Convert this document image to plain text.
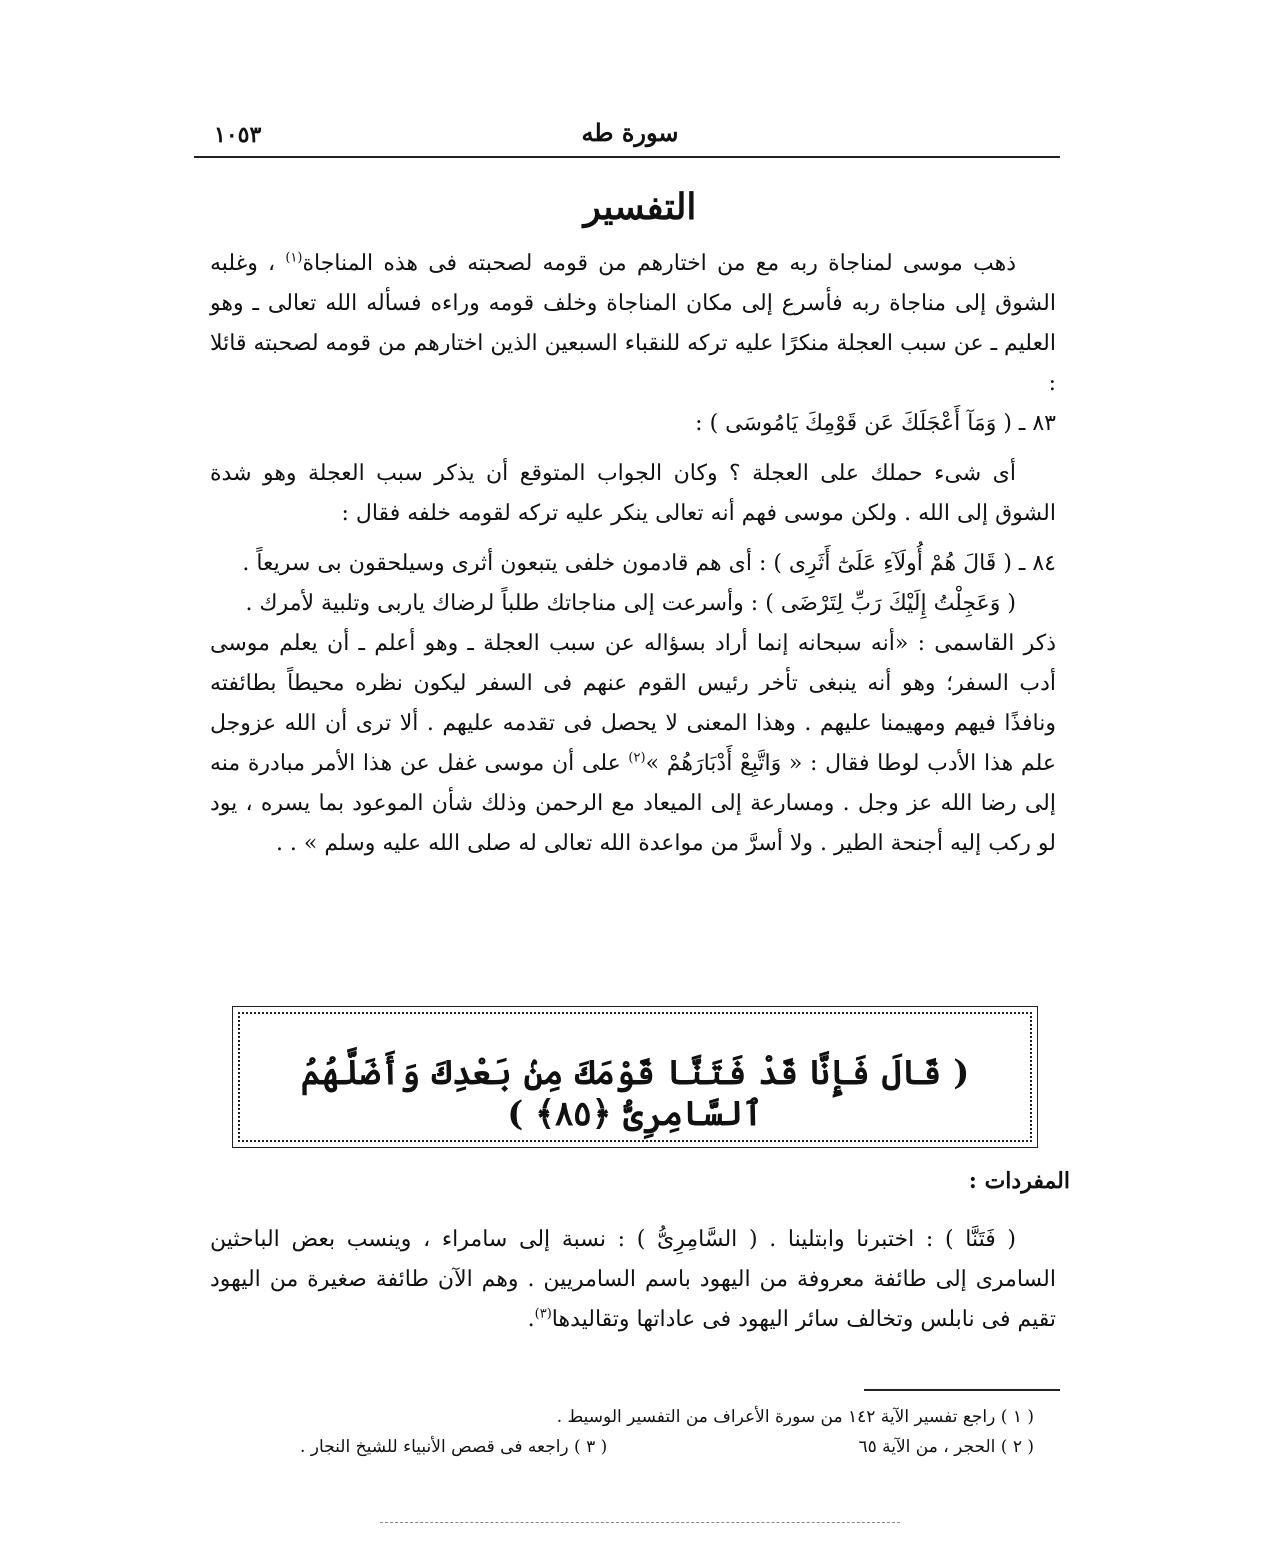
١٠٥٣	سورة طه
التفسير

ذهب موسى لمناجاة ربه مع من اختارهم من قومه لصحبته فى هذه المناجاة$^{(١)}$ ، وغلبه الشوق إلى مناجاة ربه فأسرع إلى مكان المناجاة وخلف قومه وراءه فسأله الله تعالى ـ وهو العليم ـ عن سبب العجلة منكرًا عليه تركه للنقباء السبعين الذين اختارهم من قومه لصحبته قائلا :

٨٣ ـ ( وَمَآ أَعْجَلَكَ عَن قَوْمِكَ يَامُوسَى ) :

أى شىء حملك على العجلة ؟ وكان الجواب المتوقع أن يذكر سبب العجلة وهو شدة الشوق إلى الله . ولكن موسى فهم أنه تعالى ينكر عليه تركه لقومه خلفه فقال :

٨٤ ـ ( قَالَ هُمْ أُولَآءِ عَلَىٰٓ أَثَرِى ) : أى هم قادمون خلفى يتبعون أثرى وسيلحقون بى سريعاً .

( وَعَجِلْتُ إِلَيْكَ رَبِّ لِتَرْضَى ) : وأسرعت إلى مناجاتك طلباً لرضاك ياربى وتلبية لأمرك .

ذكر القاسمى : «أنه سبحانه إنما أراد بسؤاله عن سبب العجلة ـ وهو أعلم ـ أن يعلم موسى أدب السفر؛ وهو أنه ينبغى تأخر رئيس القوم عنهم فى السفر ليكون نظره محيطاً بطائفته ونافذًا فيهم ومهيمنا عليهم . وهذا المعنى لا يحصل فى تقدمه عليهم . ألا ترى أن الله عزوجل علم هذا الأدب لوطا فقال : « وَاتَّبِعْ أَدْبَارَهُمْ »$^{(٢)}$ على أن موسى غفل عن هذا الأمر مبادرة منه إلى رضا الله عز وجل . ومسارعة إلى الميعاد مع الرحمن وذلك شأن الموعود بما يسره ، يود لو ركب إليه أجنحة الطير . ولا أسرَّ من مواعدة الله تعالى له صلى الله عليه وسلم » . .

( قَالَ فَإِنَّا قَدْ فَتَنَّا قَوْمَكَ مِنۢ بَعْدِكَ وَأَضَلَّهُمُ ٱلسَّامِرِىُّ ﴿٨٥﴾ )
المفردات :

( فَتَنَّا ) : اختبرنا وابتلينا . ( السَّامِرِىُّ ) : نسبة إلى سامراء ، وينسب بعض الباحثين السامرى إلى طائفة معروفة من اليهود باسم السامريين . وهم الآن طائفة صغيرة من اليهود تقيم فى نابلس وتخالف سائر اليهود فى عاداتها وتقاليدها$^{(٣)}$.

( ١ ) راجع تفسير الآية ١٤٢ من سورة الأعراف من التفسير الوسيط .
( ٢ ) الحجر ، من الآية ٦٥
( ٣ ) راجعه فى قصص الأنبياء للشيخ النجار .
